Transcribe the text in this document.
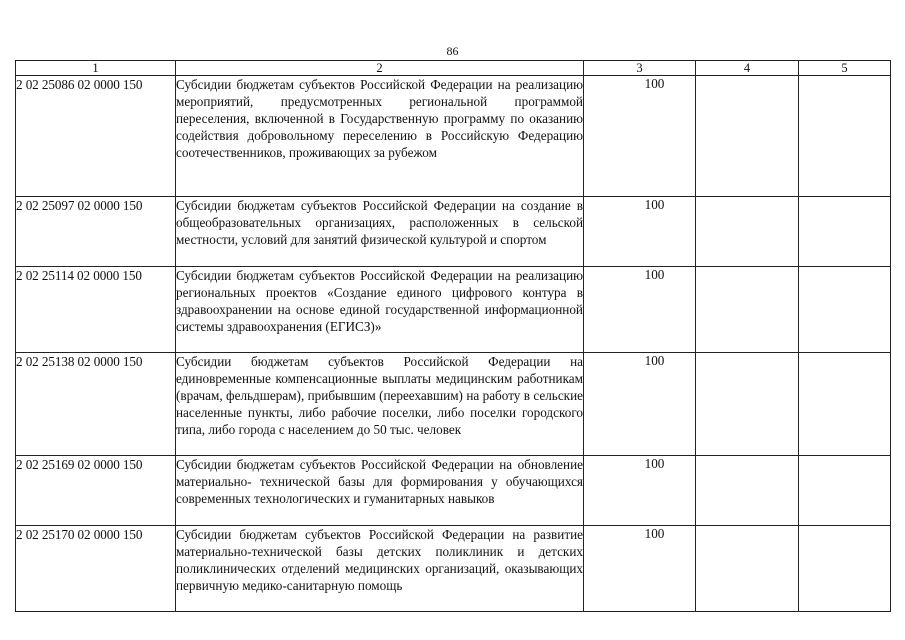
86
1	2	3	4	5
2 02 25086 02 0000 150	Субсидии бюджетам субъектов Российской Федерации на реализацию мероприятий, предусмотренных региональной программой переселения, включенной в Государственную программу по оказанию содействия добровольному переселению в Российскую Федерацию соотечественников, проживающих за рубежом	100		

2 02 25097 02 0000 150	Субсидии бюджетам субъектов Российской Федерации на создание в общеобразовательных организациях, расположенных в сельской местности, условий для занятий физической культурой и спортом	100		

2 02 25114 02 0000 150	Субсидии бюджетам субъектов Российской Федерации на реализацию региональных проектов «Создание единого цифрового контура в здравоохранении на основе единой государственной информационной системы здравоохранения (ЕГИСЗ)»	100		

2 02 25138 02 0000 150	Субсидии бюджетам субъектов Российской Федерации на единовременные компенсационные выплаты медицинским работникам (врачам, фельдшерам), прибывшим (переехавшим) на работу в сельские населенные пункты, либо рабочие поселки, либо поселки городского типа, либо города с населением до 50 тыс. человек	100		

2 02 25169 02 0000 150	Субсидии бюджетам субъектов Российской Федерации на обновление материально- технической базы для формирования у обучающихся современных технологических и гуманитарных навыков	100		

2 02 25170 02 0000 150	Субсидии бюджетам субъектов Российской Федерации на развитие материально-технической базы детских поликлиник и детских поликлинических отделений медицинских организаций, оказывающих первичную медико-санитарную помощь	100		
